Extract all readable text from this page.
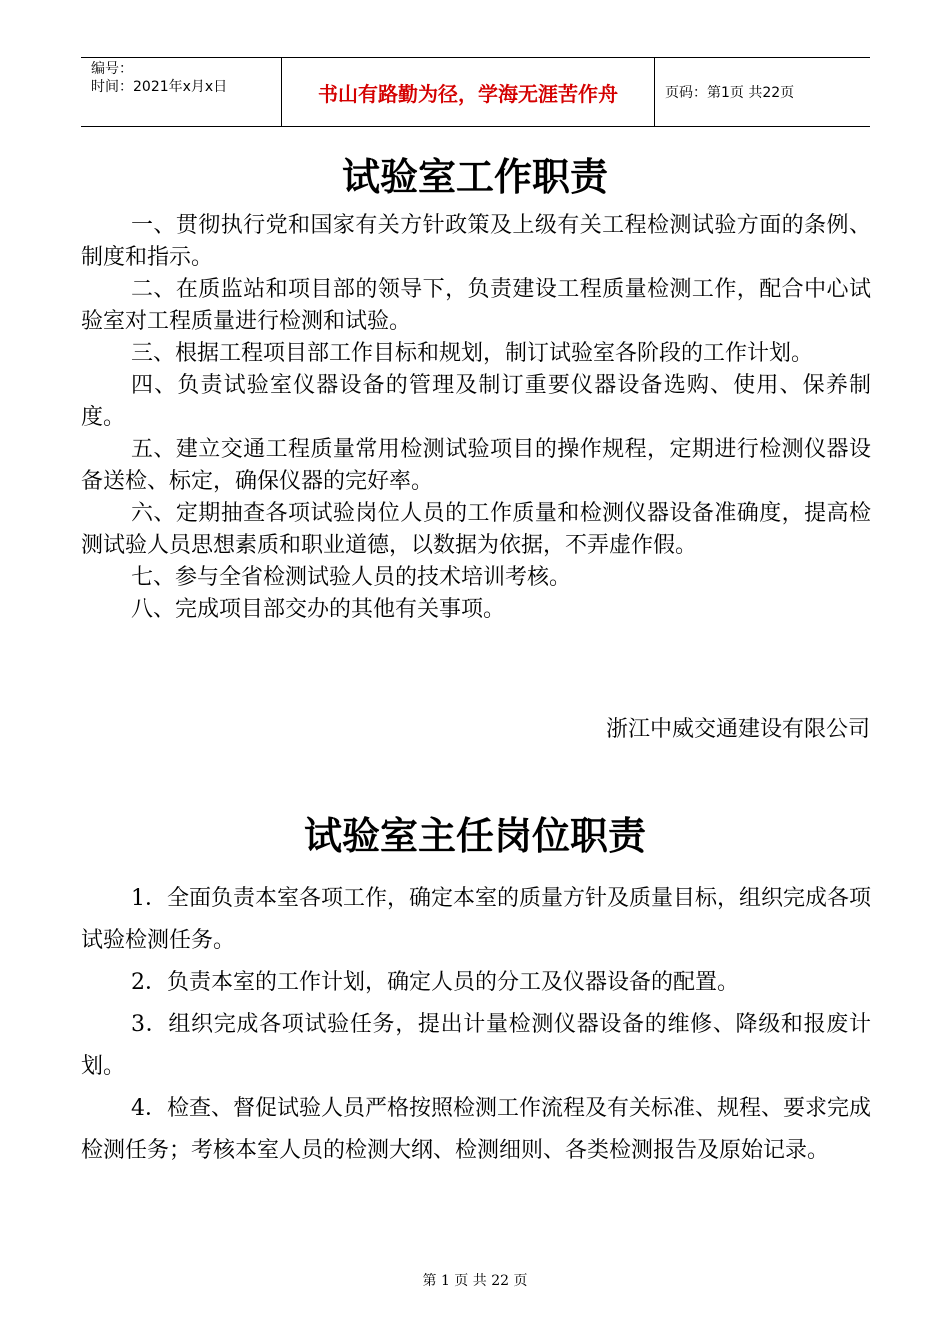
编号：
时间：2021年x月x日	书山有路勤为径，学海无涯苦作舟	页码：第1页 共22页
试验室工作职责

一、贯彻执行党和国家有关方针政策及上级有关工程检测试验方面的条例、制度和指示。

二、在质监站和项目部的领导下，负责建设工程质量检测工作，配合中心试验室对工程质量进行检测和试验。

三、根据工程项目部工作目标和规划，制订试验室各阶段的工作计划。

四、负责试验室仪器设备的管理及制订重要仪器设备选购、使用、保养制度。

五、建立交通工程质量常用检测试验项目的操作规程，定期进行检测仪器设备送检、标定，确保仪器的完好率。

六、定期抽查各项试验岗位人员的工作质量和检测仪器设备准确度，提高检测试验人员思想素质和职业道德，以数据为依据，不弄虚作假。

七、参与全省检测试验人员的技术培训考核。

八、完成项目部交办的其他有关事项。

浙江中威交通建设有限公司
试验室主任岗位职责

1．全面负责本室各项工作，确定本室的质量方针及质量目标，组织完成各项试验检测任务。

2．负责本室的工作计划，确定人员的分工及仪器设备的配置。

3．组织完成各项试验任务，提出计量检测仪器设备的维修、降级和报废计划。

4．检查、督促试验人员严格按照检测工作流程及有关标准、规程、要求完成检测任务；考核本室人员的检测大纲、检测细则、各类检测报告及原始记录。

第 1 页 共 22 页
